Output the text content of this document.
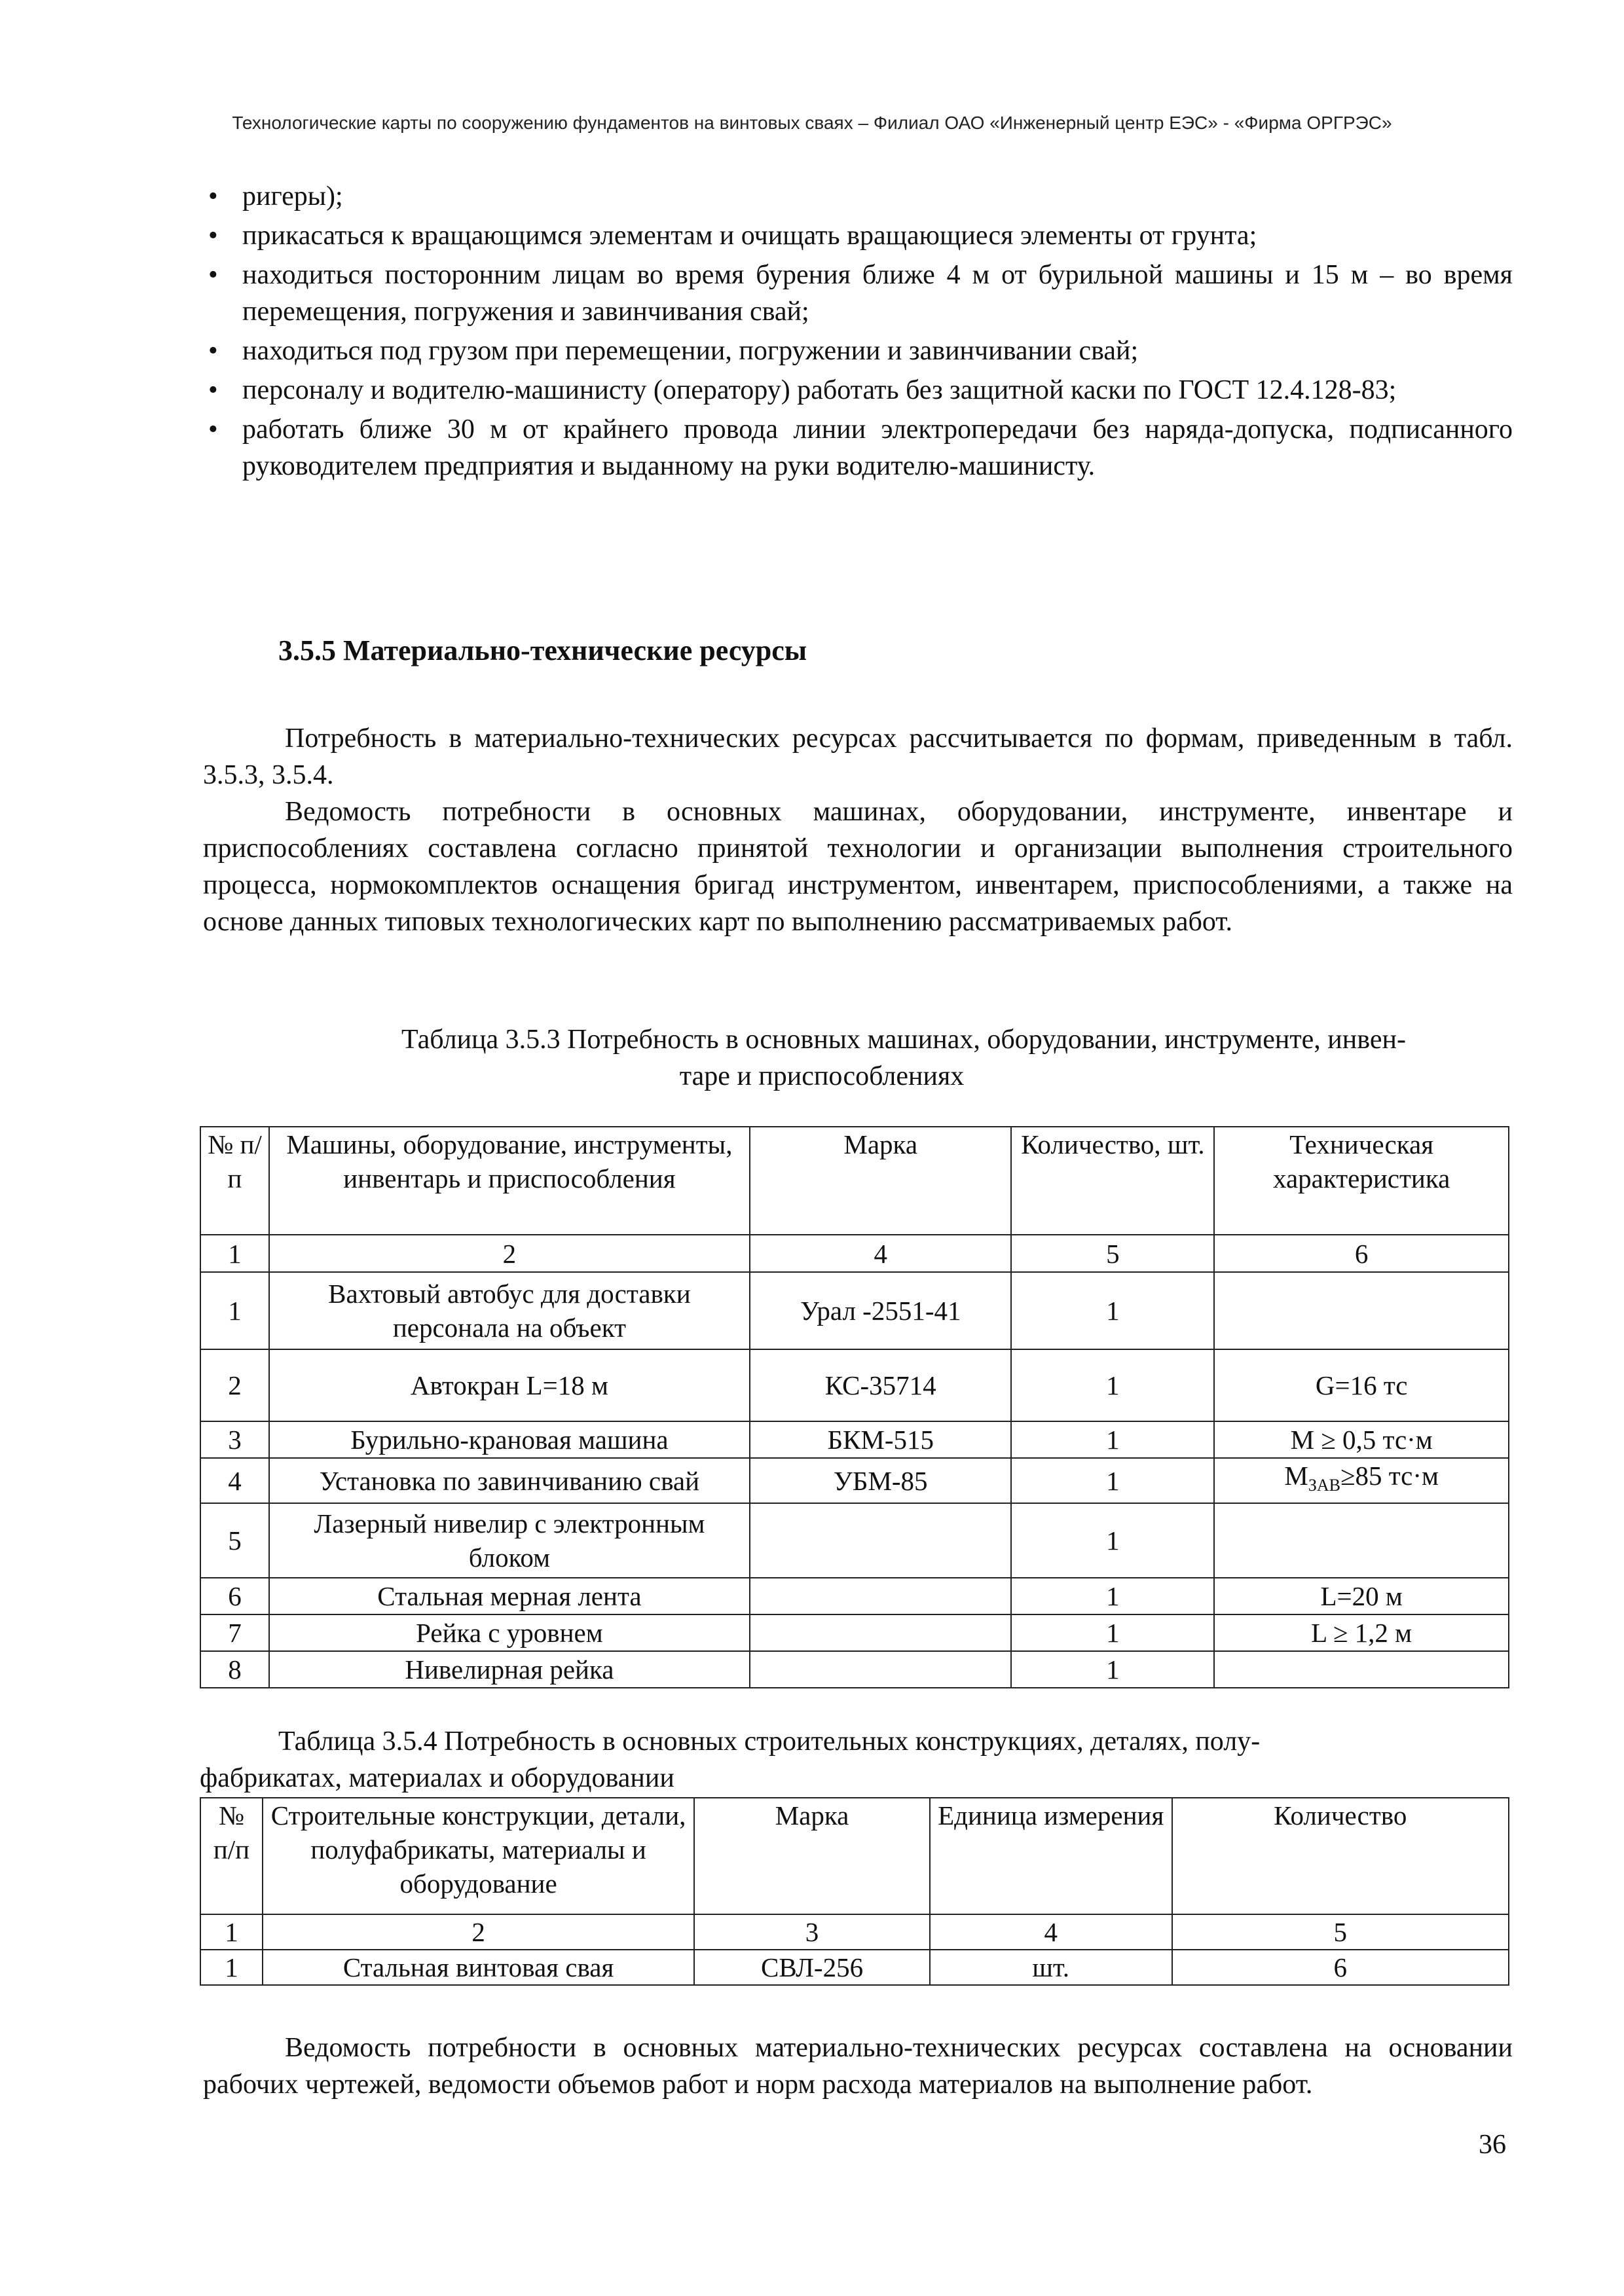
Технологические карты по сооружению фундаментов на винтовых сваях – Филиал ОАО «Инженерный центр ЕЭС» - «Фирма ОРГРЭС»
• ригеры);
• прикасаться к вращающимся элементам и очищать вращающиеся элементы от грунта;
• находиться посторонним лицам во время бурения ближе 4 м от бурильной машины и 15 м – во время перемещения, погружения и завинчивания свай;
• находиться под грузом при перемещении, погружении и завинчивании свай;
• персоналу и водителю-машинисту (оператору) работать без защитной каски по ГОСТ 12.4.128-83;
• работать ближе 30 м от крайнего провода линии электропередачи без наряда-допуска, подписанного руководителем предприятия и выданному на руки водителю-машинисту.
3.5.5 Материально-технические ресурсы

Потребность в материально-технических ресурсах рассчитывается по формам, приведенным в табл. 3.5.3, 3.5.4.

Ведомость потребности в основных машинах, оборудовании, инструменте, инвентаре и приспособлениях составлена согласно принятой технологии и организации выполнения строительного процесса, нормокомплектов оснащения бригад инструментом, инвентарем, приспособлениями, а также на основе данных типовых технологических карт по выполнению рассматриваемых работ.

Таблица 3.5.3 Потребность в основных машинах, оборудовании, инструменте, инвен-
таре и приспособлениях
№ п/п	Машины, оборудование, инструменты, инвентарь и приспособления	Марка	Количество, шт.	Техническая характеристика
1	2	4	5	6
1	Вахтовый автобус для доставки персонала на объект	Урал -2551-41	1	
2	Автокран L=18 м	КС-35714	1	G=16 тс
3	Бурильно-крановая машина	БКМ-515	1	М ≥ 0,5 тс·м
4	Установка по завинчиванию свай	УБМ-85	1	$М_{ЗАВ}\ge 85$ тс·м
5	Лазерный нивелир с электронным блоком		1	
6	Стальная мерная лента		1	L=20 м
7	Рейка с уровнем		1	L ≥ 1,2 м
8	Нивелирная рейка		1	
Таблица 3.5.4 Потребность в основных строительных конструкциях, деталях, полу-
фабрикатах, материалах и оборудовании
№ п/п	Строительные конструкции, детали, полуфабрикаты, материалы и оборудование	Марка	Единица измерения	Количество
1	2	3	4	5
1	Стальная винтовая свая	СВЛ-256	шт.	6

Ведомость потребности в основных материально-технических ресурсах составлена на основании рабочих чертежей, ведомости объемов работ и норм расхода материалов на выполнение работ.

36
